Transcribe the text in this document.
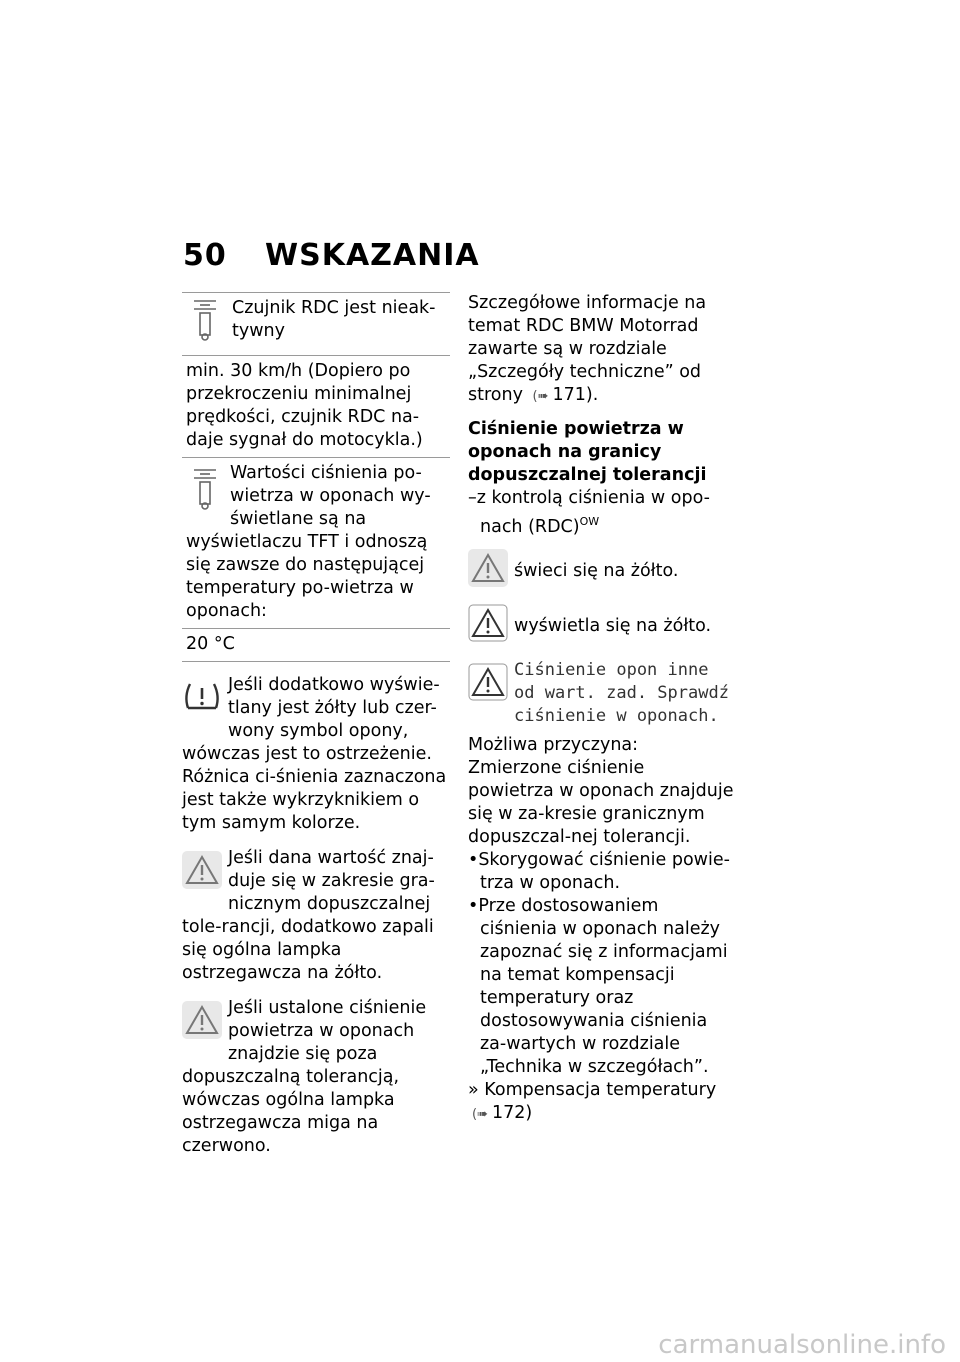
50 WSKAZANIA
Czujnik RDC jest nieak-tywny
min. 30 km/h (Dopiero po przekroczeniu minimalnej prędkości, czujnik RDC na-daje sygnał do motocykla.)
Wartości ciśnienia po-wietrza w oponach wy-świetlane są na wyświetlaczu TFT i odnoszą się zawsze do następującej temperatury po-wietrza w oponach:
20 °C
Jeśli dodatkowo wyświe-tlany jest żółty lub czer-wony symbol opony, wówczas jest to ostrzeżenie. Różnica ci-śnienia zaznaczona jest także wykrzyknikiem o tym samym kolorze.
Jeśli dana wartość znaj-duje się w zakresie gra-nicznym dopuszczalnej tole-rancji, dodatkowo zapali się ogólna lampka ostrzegawcza na żółto.
Jeśli ustalone ciśnienie powietrza w oponach znajdzie się poza dopuszczalną tolerancją, wówczas ogólna lampka ostrzegawcza miga na czerwono.
Szczegółowe informacje na temat RDC BMW Motorrad zawarte są w rozdziale „Szczegóły techniczne” od strony (➠ 171).
Ciśnienie powietrza w oponach na granicy dopuszczalnej tolerancji
–z kontrolą ciśnienia w opo-nach (RDC)$^{OW}$
świeci się na żółto.
wyświetla się na żółto.
Ciśnienie opon inne od wart. zad. Sprawdź ciśnienie w oponach.
Możliwa przyczyna:
Zmierzone ciśnienie powietrza w oponach znajduje się w za-kresie granicznym dopuszczal-nej tolerancji.
•Skorygować ciśnienie powie-trza w oponach.
•Prze dostosowaniem ciśnienia w oponach należy zapoznać się z informacjami na temat kompensacji temperatury oraz dostosowywania ciśnienia za-wartych w rozdziale „Technika w szczegółach”.
» Kompensacja temperatury
(➠ 172)
carmanualsonline.info
